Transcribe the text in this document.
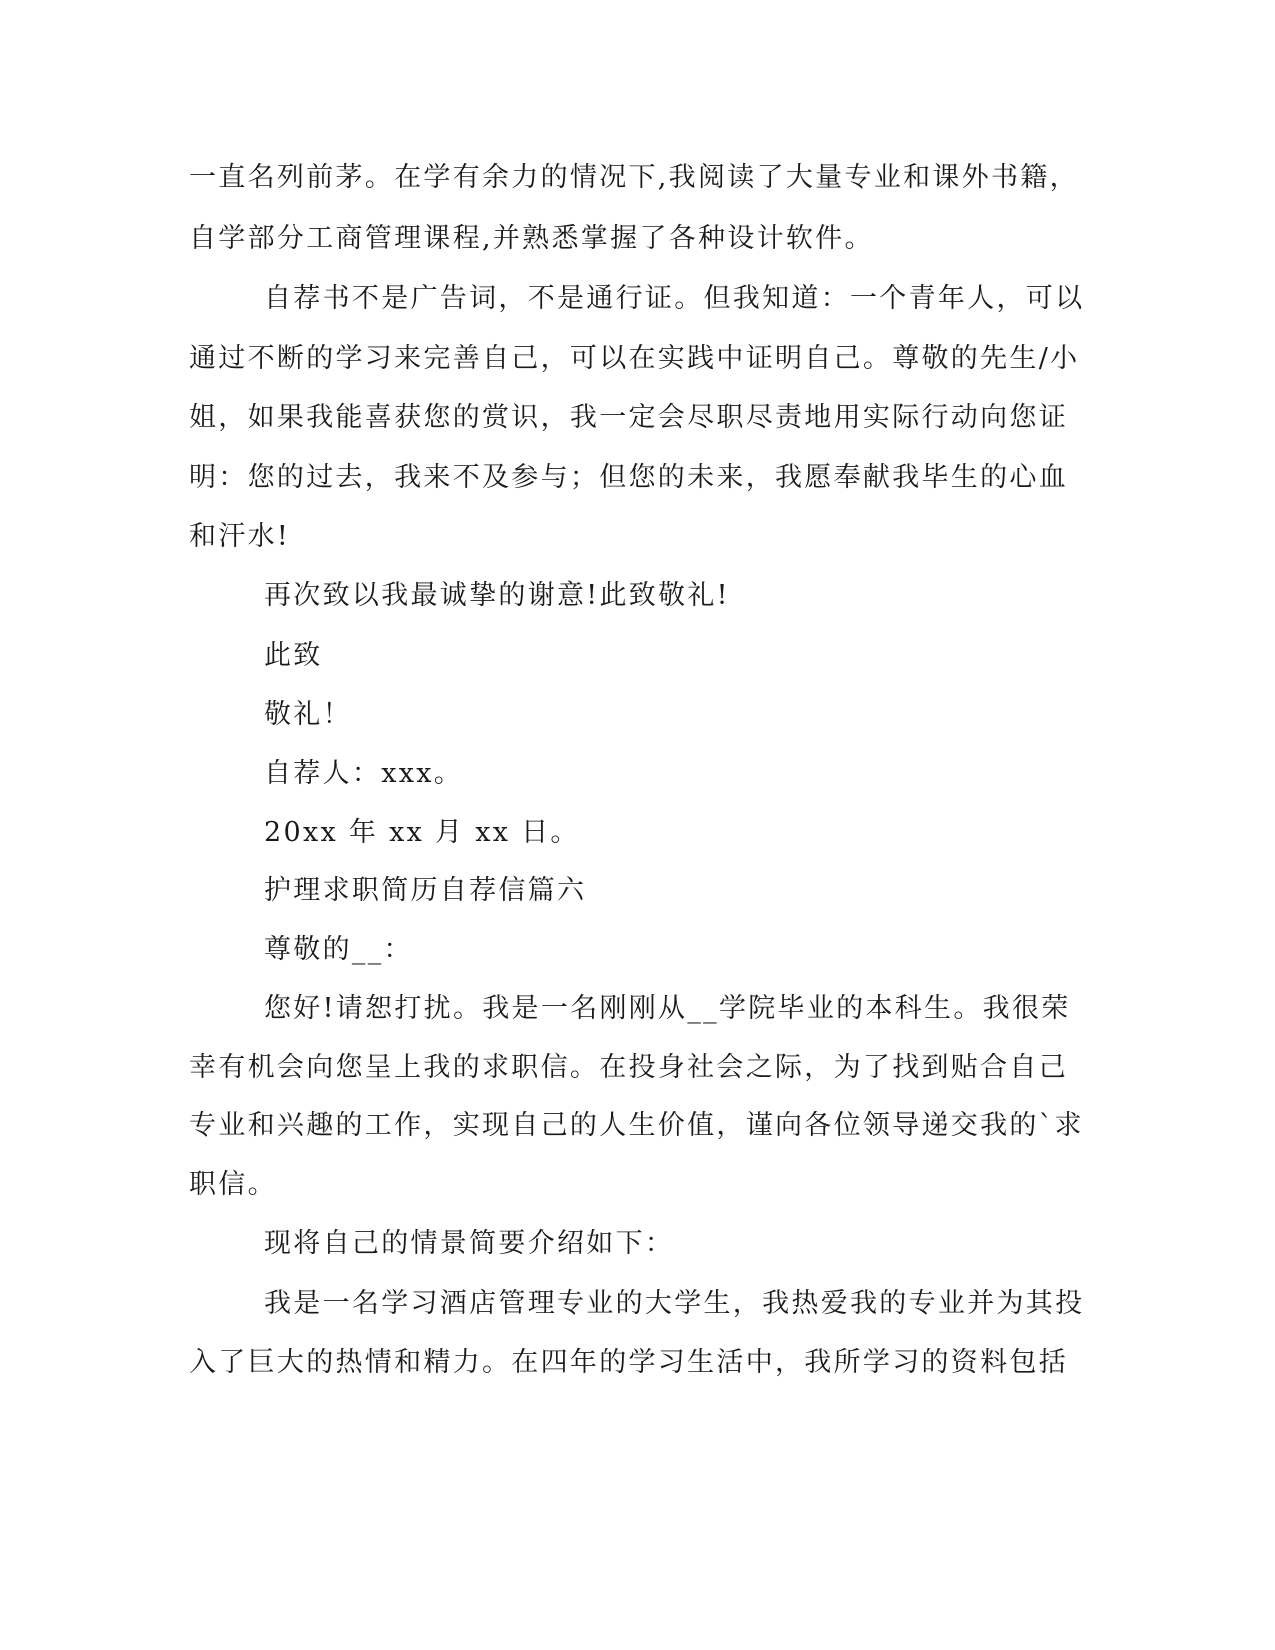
一直名列前茅。在学有余力的情况下,我阅读了大量专业和课外书籍，
自学部分工商管理课程,并熟悉掌握了各种设计软件。
自荐书不是广告词，不是通行证。但我知道：一个青年人，可以
通过不断的学习来完善自己，可以在实践中证明自己。尊敬的先生/小
姐，如果我能喜获您的赏识，我一定会尽职尽责地用实际行动向您证
明：您的过去，我来不及参与；但您的未来，我愿奉献我毕生的心血
和汗水!
再次致以我最诚挚的谢意!此致敬礼!
此致
敬礼！
自荐人：xxx。
20xx 年 xx 月 xx 日。
护理求职简历自荐信篇六
尊敬的__：
您好!请恕打扰。我是一名刚刚从__学院毕业的本科生。我很荣
幸有机会向您呈上我的求职信。在投身社会之际，为了找到贴合自己
专业和兴趣的工作，实现自己的人生价值，谨向各位领导递交我的`求
职信。
现将自己的情景简要介绍如下：
我是一名学习酒店管理专业的大学生，我热爱我的专业并为其投
入了巨大的热情和精力。在四年的学习生活中，我所学习的资料包括
